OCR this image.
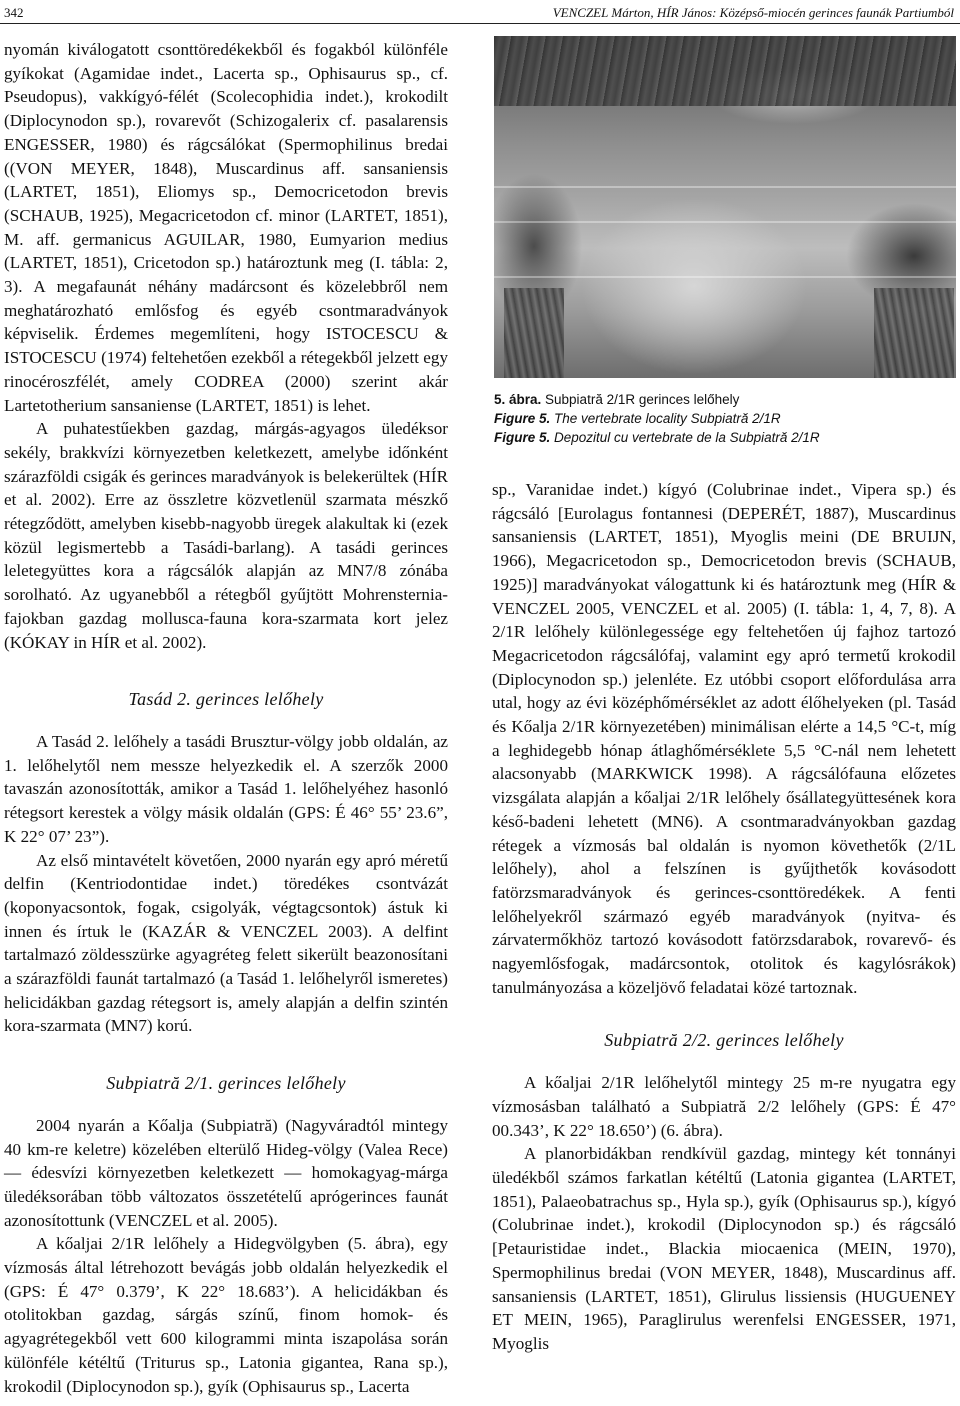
342	VENCZEL Márton, HÍR János: Középső-miocén gerinces faunák Partiumból

nyomán kiválogatott csonttöredékekből és fogakból különféle gyíkokat (Agamidae indet., Lacerta sp., Ophisaurus sp., cf. Pseudopus), vakkígyó-félét (Scolecophidia indet.), krokodilt (Diplocynodon sp.), rovarevőt (Schizogalerix cf. pasalarensis ENGESSER, 1980) és rágcsálókat (Spermophilinus bredai ((VON MEYER, 1848), Muscardinus aff. sansaniensis (LARTET, 1851), Eliomys sp., Democricetodon brevis (SCHAUB, 1925), Megacricetodon cf. minor (LARTET, 1851), M. aff. germanicus AGUILAR, 1980, Eumyarion medius (LARTET, 1851), Cricetodon sp.) határoztunk meg (I. tábla: 2, 3). A megafaunát néhány madárcsont és közelebbről nem meghatározható emlősfog és egyéb csontmaradványok képviselik. Érdemes megemlíteni, hogy ISTOCESCU & ISTOCESCU (1974) feltehetően ezekből a rétegekből jelzett egy rinocéroszfélét, amely CODREA (2000) szerint akár Lartetotherium sansaniense (LARTET, 1851) is lehet.

A puhatestűekben gazdag, márgás-agyagos üledéksor sekély, brakkvízi környezetben keletkezett, amelybe időnként szárazföldi csigák és gerinces maradványok is belekerültek (HÍR et al. 2002). Erre az összletre közvetlenül szarmata mészkő rétegződött, amelyben kisebb-nagyobb üregek alakultak ki (ezek közül legismertebb a Tasádi-barlang). A tasádi gerinces leletegyüttes kora a rágcsálók alapján az MN7/8 zónába sorolható. Az ugyanebből a rétegből gyűjtött Mohrensternia-fajokban gazdag mollusca-fauna kora-szarmata kort jelez (KÓKAY in HÍR et al. 2002).

Tasád 2. gerinces lelőhely

A Tasád 2. lelőhely a tasádi Brusztur-völgy jobb oldalán, az 1. lelőhelytől nem messze helyezkedik el. A szerzők 2000 tavaszán azonosították, amikor a Tasád 1. lelőhelyéhez hasonló rétegsort kerestek a völgy másik oldalán (GPS: É 46° 55’ 23.6”, K 22° 07’ 23”).

Az első mintavételt követően, 2000 nyarán egy apró méretű delfin (Kentriodontidae indet.) töredékes csontvázát (koponyacsontok, fogak, csigolyák, végtagcsontok) ástuk ki innen és írtuk le (KAZÁR & VENCZEL 2003). A delfint tartalmazó zöldesszürke agyagréteg felett sikerült beazonosítani a szárazföldi faunát tartalmazó (a Tasád 1. lelőhelyről ismeretes) helicidákban gazdag rétegsort is, amely alapján a delfin szintén kora-szarmata (MN7) korú.

Subpiatră 2/1. gerinces lelőhely

2004 nyarán a Kőalja (Subpiatră) (Nagyváradtól mintegy 40 km-re keletre) közelében elterülő Hideg-völgy (Valea Rece) — édesvízi környezetben keletkezett — homokagyag-márga üledéksorában több változatos összetételű aprógerinces faunát azonosítottunk (VENCZEL et al. 2005).

A kőaljai 2/1R lelőhely a Hidegvölgyben (5. ábra), egy vízmosás által létrehozott bevágás jobb oldalán helyezkedik el (GPS: É 47° 0.379’, K 22° 18.683’). A helicidákban és otolitokban gazdag, sárgás színű, finom homok- és agyagrétegekből vett 600 kilogrammi minta iszapolása során különféle kétéltű (Triturus sp., Latonia gigantea, Rana sp.), krokodil (Diplocynodon sp.), gyík (Ophisaurus sp., Lacerta

5. ábra. Subpiatră 2/1R gerinces lelőhely
Figure 5. The vertebrate locality Subpiatră 2/1R
Figure 5. Depozitul cu vertebrate de la Subpiatră 2/1R

sp., Varanidae indet.) kígyó (Colubrinae indet., Vipera sp.) és rágcsáló [Eurolagus fontannesi (DEPERÉT, 1887), Muscardinus sansaniensis (LARTET, 1851), Myoglis meini (DE BRUIJN, 1966), Megacricetodon sp., Democricetodon brevis (SCHAUB, 1925)] maradványokat válogattunk ki és határoztunk meg (HÍR & VENCZEL 2005, VENCZEL et al. 2005) (I. tábla: 1, 4, 7, 8). A 2/1R lelőhely különlegessége egy feltehetően új fajhoz tartozó Megacricetodon rágcsálófaj, valamint egy apró termetű krokodil (Diplocynodon sp.) jelenléte. Ez utóbbi csoport előfordulása arra utal, hogy az évi középhőmérséklet az adott élőhelyeken (pl. Tasád és Kőalja 2/1R környezetében) minimálisan elérte a 14,5 °C-t, míg a leghidegebb hónap átlaghőmérséklete 5,5 °C-nál nem lehetett alacsonyabb (MARKWICK 1998). A rágcsálófauna előzetes vizsgálata alapján a kőaljai 2/1R lelőhely ősállategyüttesének kora késő-badeni lehetett (MN6). A csontmaradványokban gazdag rétegek a vízmosás bal oldalán is nyomon követhetők (2/1L lelőhely), ahol a felszínen is gyűjthetők kovásodott fatörzsmaradványok és gerinces-csonttöredékek. A fenti lelőhelyekről származó egyéb maradványok (nyitva- és zárvatermőkhöz tartozó kovásodott fatörzsdarabok, rovarevő- és nagyemlősfogak, madárcsontok, otolitok és kagylósrákok) tanulmányozása a közeljövő feladatai közé tartoznak.

Subpiatră 2/2. gerinces lelőhely

A kőaljai 2/1R lelőhelytől mintegy 25 m-re nyugatra egy vízmosásban található a Subpiatră 2/2 lelőhely (GPS: É 47° 00.343’, K 22° 18.650’) (6. ábra).

A planorbidákban rendkívül gazdag, mintegy két tonnányi üledékből számos farkatlan kétéltű (Latonia gigantea (LARTET, 1851), Palaeobatrachus sp., Hyla sp.), gyík (Ophisaurus sp.), kígyó (Colubrinae indet.), krokodil (Diplocynodon sp.) és rágcsáló [Petauristidae indet., Blackia miocaenica (MEIN, 1970), Spermophilinus bredai (VON MEYER, 1848), Muscardinus aff. sansaniensis (LARTET, 1851), Glirulus lissiensis (HUGUENEY ET MEIN, 1965), Paraglirulus werenfelsi ENGESSER, 1971, Myoglis
